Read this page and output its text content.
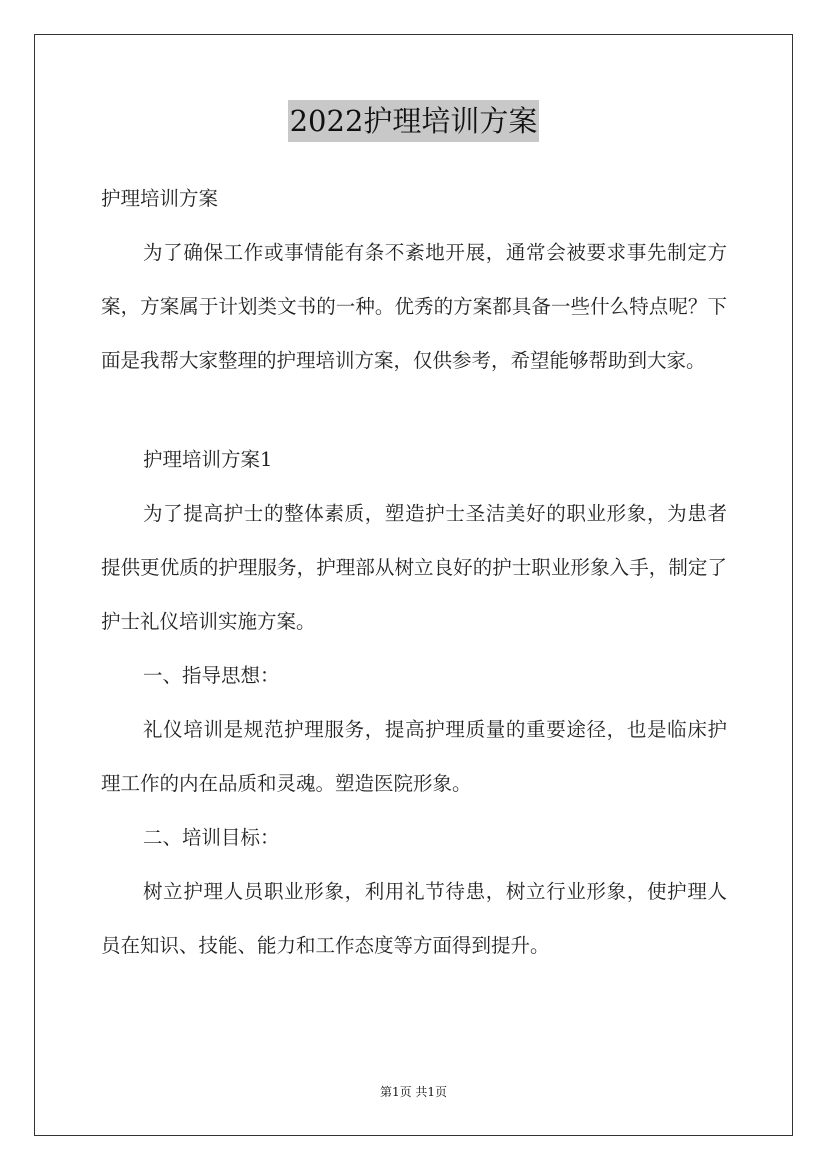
2022护理培训方案

护理培训方案

为了确保工作或事情能有条不紊地开展，通常会被要求事先制定方案，方案属于计划类文书的一种。优秀的方案都具备一些什么特点呢？下面是我帮大家整理的护理培训方案，仅供参考，希望能够帮助到大家。

护理培训方案1

为了提高护士的整体素质，塑造护士圣洁美好的职业形象，为患者提供更优质的护理服务，护理部从树立良好的护士职业形象入手，制定了护士礼仪培训实施方案。

一、指导思想：

礼仪培训是规范护理服务，提高护理质量的重要途径，也是临床护理工作的内在品质和灵魂。塑造医院形象。

二、培训目标：

树立护理人员职业形象，利用礼节待患，树立行业形象，使护理人员在知识、技能、能力和工作态度等方面得到提升。

第1页 共1页
